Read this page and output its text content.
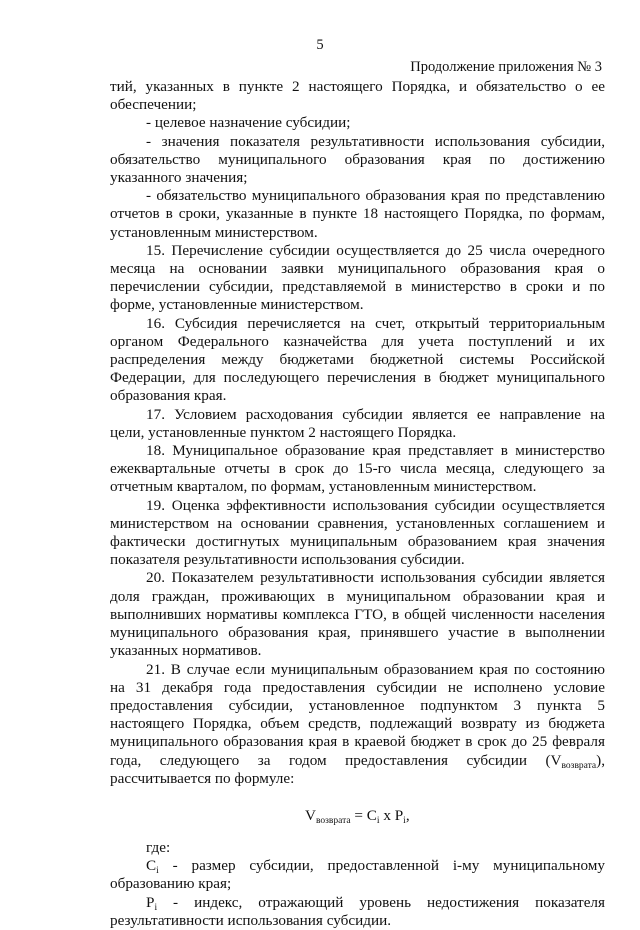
5
Продолжение приложения № 3

тий, указанных в пункте 2 настоящего Порядка, и обязательство о ее обеспечении;

- целевое назначение субсидии;

- значения показателя результативности использования субсидии, обязательство муниципального образования края по достижению указанного значения;

- обязательство муниципального образования края по представлению отчетов в сроки, указанные в пункте 18 настоящего Порядка, по формам, установленным министерством.

15. Перечисление субсидии осуществляется до 25 числа очередного месяца на основании заявки муниципального образования края о перечислении субсидии, представляемой в министерство в сроки и по форме, установленные министерством.

16. Субсидия перечисляется на счет, открытый территориальным органом Федерального казначейства для учета поступлений и их распределения между бюджетами бюджетной системы Российской Федерации, для последующего перечисления в бюджет муниципального образования края.

17. Условием расходования субсидии является ее направление на цели, установленные пунктом 2 настоящего Порядка.

18. Муниципальное образование края представляет в министерство ежеквартальные отчеты в срок до 15-го числа месяца, следующего за отчетным кварталом, по формам, установленным министерством.

19. Оценка эффективности использования субсидии осуществляется министерством на основании сравнения, установленных соглашением и фактически достигнутых муниципальным образованием края значения показателя результативности использования субсидии.

20. Показателем результативности использования субсидии является доля граждан, проживающих в муниципальном образовании края и выполнивших нормативы комплекса ГТО, в общей численности населения муниципального образования края, принявшего участие в выполнении указанных нормативов.

21. В случае если муниципальным образованием края по состоянию на 31 декабря года предоставления субсидии не исполнено условие предоставления субсидии, установленное подпунктом 3 пункта 5 настоящего Порядка, объем средств, подлежащий возврату из бюджета муниципального образования края в краевой бюджет в срок до 25 февраля года, следующего за годом предоставления субсидии $(V_{возврата})$, рассчитывается по формуле:

$V_{возврата} = C_i$ x $P_i$,

где:

$C_i$ - размер субсидии, предоставленной i-му муниципальному образованию края;

$P_i$ - индекс, отражающий уровень недостижения показателя результативности использования субсидии.
